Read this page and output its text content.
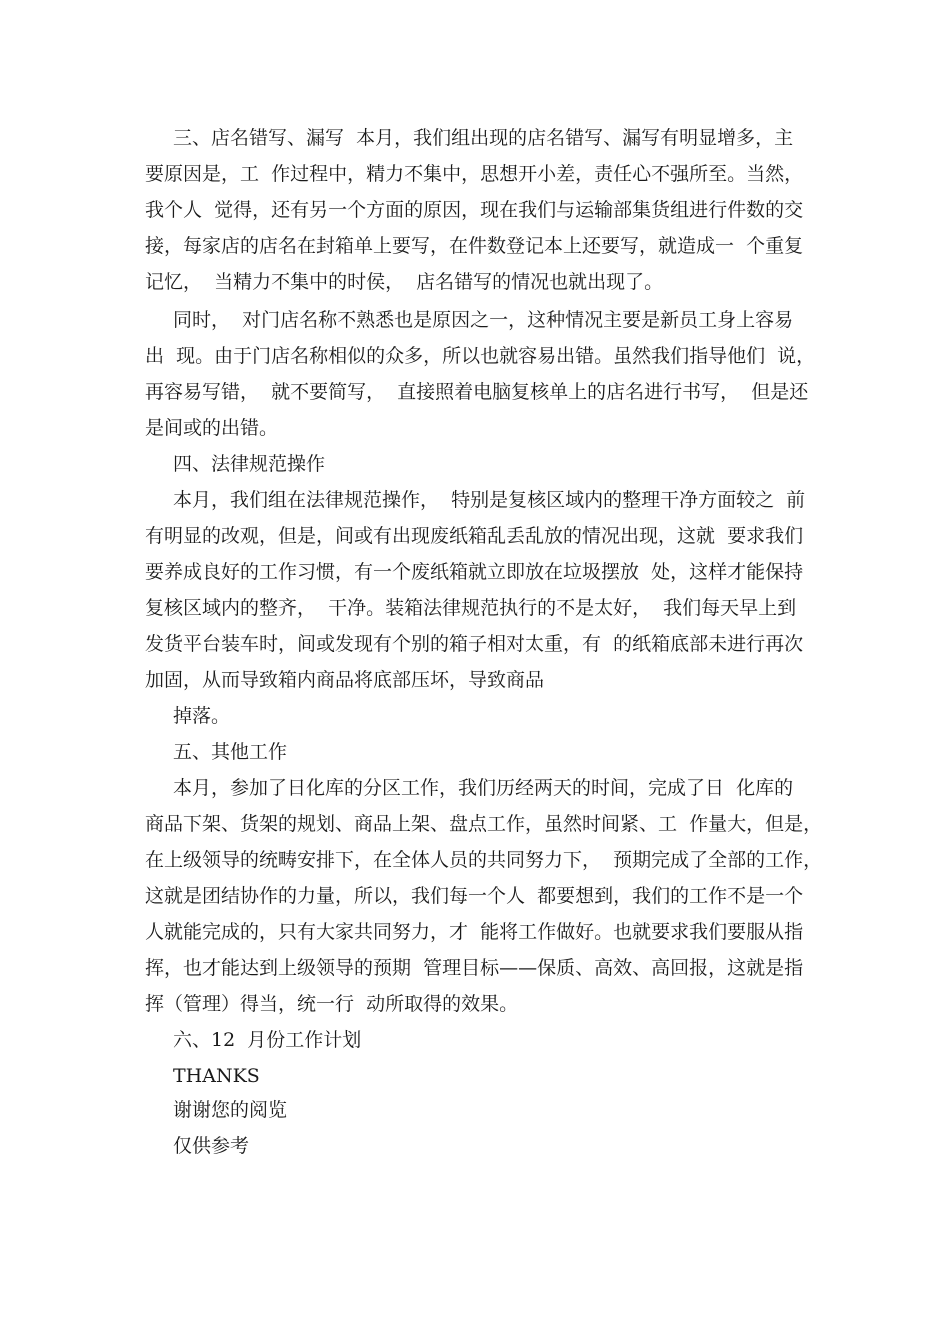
三、店名错写、漏写  本月，我们组出现的店名错写、漏写有明显增多，主

要原因是，工  作过程中，精力不集中，思想开小差，责任心不强所至。当然，

我个人  觉得，还有另一个方面的原因，现在我们与运输部集货组进行件数的交

接，每家店的店名在封箱单上要写，在件数登记本上还要写，就造成一  个重复

记忆，  当精力不集中的时侯，  店名错写的情况也就出现了。

同时，  对门店名称不熟悉也是原因之一，这种情况主要是新员工身上容易

出  现。由于门店名称相似的众多，所以也就容易出错。虽然我们指导他们  说，

再容易写错，  就不要简写，  直接照着电脑复核单上的店名进行书写，  但是还

是间或的出错。

四、法律规范操作

本月，我们组在法律规范操作，  特别是复核区域内的整理干净方面较之  前

有明显的改观，但是，间或有出现废纸箱乱丢乱放的情况出现，这就  要求我们

要养成良好的工作习惯，有一个废纸箱就立即放在垃圾摆放  处，这样才能保持

复核区域内的整齐，  干净。装箱法律规范执行的不是太好，  我们每天早上到

发货平台装车时，间或发现有个别的箱子相对太重，有  的纸箱底部未进行再次

加固，从而导致箱内商品将底部压坏，导致商品

掉落。

五、其他工作

本月，参加了日化库的分区工作，我们历经两天的时间，完成了日  化库的

商品下架、货架的规划、商品上架、盘点工作，虽然时间紧、工  作量大，但是，

在上级领导的统畴安排下，在全体人员的共同努力下，  预期完成了全部的工作，

这就是团结协作的力量，所以，我们每一个人  都要想到，我们的工作不是一个

人就能完成的，只有大家共同努力，才  能将工作做好。也就要求我们要服从指

挥，也才能达到上级领导的预期  管理目标——保质、高效、高回报，这就是指

挥（管理）得当，统一行  动所取得的效果。

六、12  月份工作计划

THANKS

谢谢您的阅览

仅供参考
